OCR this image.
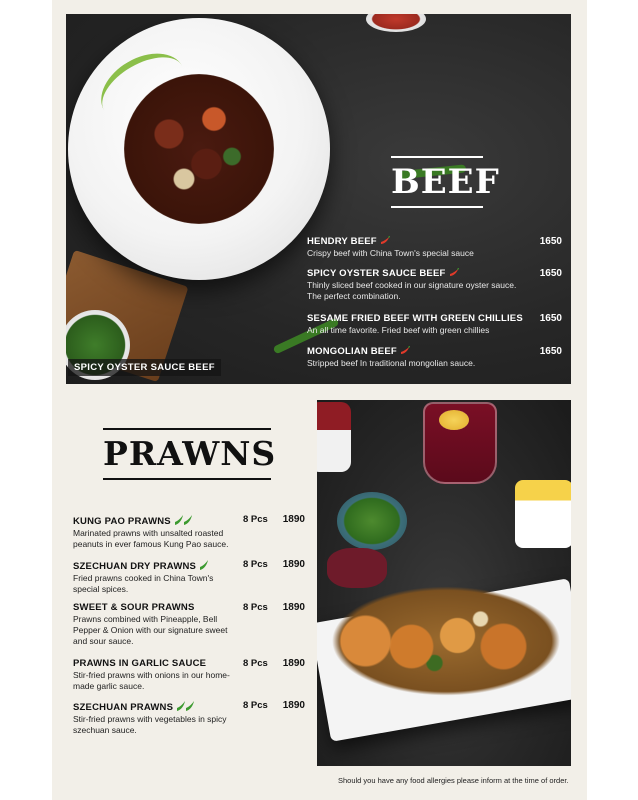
BEEF
HENDRY BEEF
Crispy beef with China Town's special sauce
1650
SPICY OYSTER SAUCE BEEF
Thinly sliced beef cooked in our signature oyster sauce. The perfect combination.
1650
SESAME FRIED BEEF WITH GREEN CHILLIES
An all time favorite. Fried beef with green chillies
1650
MONGOLIAN BEEF
Stripped beef In traditional mongolian sauce.
1650
SPICY OYSTER SAUCE BEEF
PRAWNS
KUNG PAO PRAWNS
Marinated prawns with unsalted roasted peanuts in ever famous Kung Pao sauce.
8 Pcs 1890
SZECHUAN DRY PRAWNS
Fried prawns cooked in China Town's special spices.
8 Pcs 1890
SWEET & SOUR PRAWNS
Prawns combined with Pineapple, Bell Pepper & Onion with our signature sweet and sour sauce.
8 Pcs 1890
PRAWNS IN GARLIC SAUCE
Stir-fried prawns with onions in our home-made garlic sauce.
8 Pcs 1890
SZECHUAN PRAWNS
Stir-fried prawns with vegetables in spicy szechuan sauce.
8 Pcs 1890
Should you have any food allergies please inform at the time of order.
